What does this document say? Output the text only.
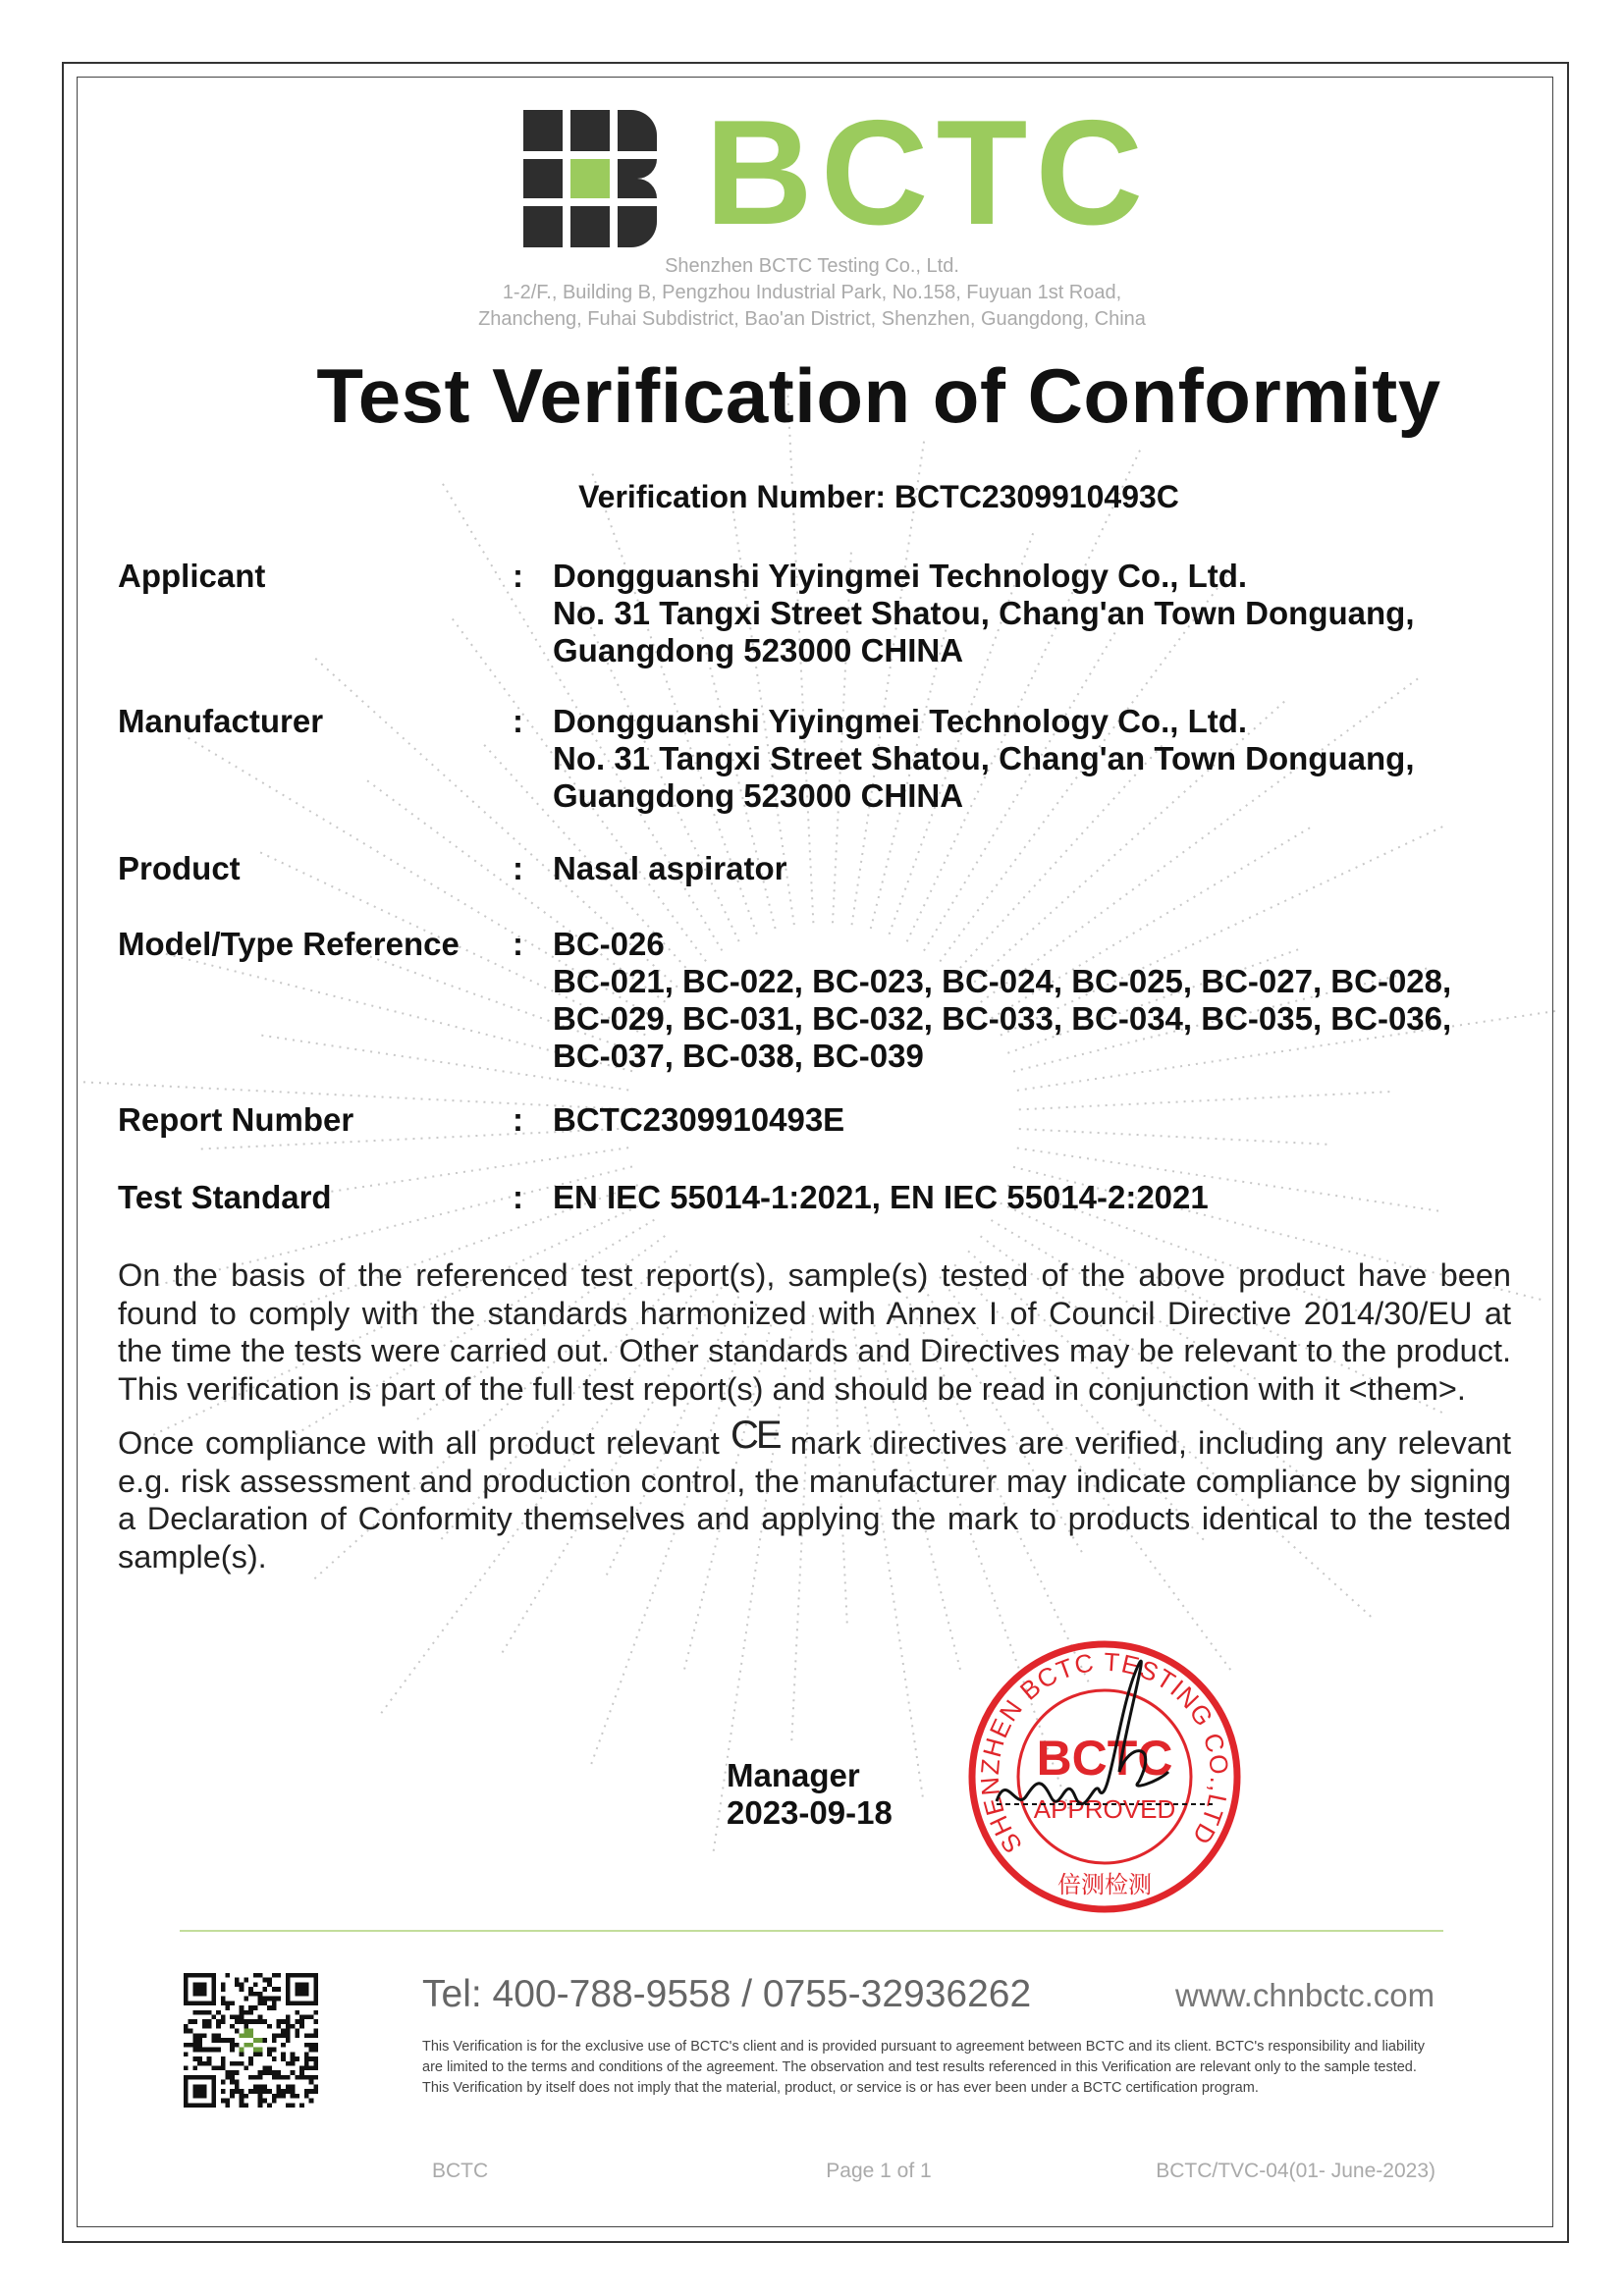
BCTC
Shenzhen BCTC Testing Co., Ltd.
1-2/F., Building B, Pengzhou Industrial Park, No.158, Fuyuan 1st Road,
Zhancheng, Fuhai Subdistrict, Bao'an District, Shenzhen, Guangdong, China
Test Verification of Conformity
Verification Number: BCTC2309910493C
Applicant	: Dongguanshi Yiyingmei Technology Co., Ltd.
No. 31 Tangxi Street Shatou, Chang'an Town Donguang,
Guangdong 523000 CHINA
Manufacturer	: Dongguanshi Yiyingmei Technology Co., Ltd.
No. 31 Tangxi Street Shatou, Chang'an Town Donguang,
Guangdong 523000 CHINA
Product	: Nasal aspirator
Model/Type Reference : BC-026
BC-021, BC-022, BC-023, BC-024, BC-025, BC-027, BC-028,
BC-029, BC-031, BC-032, BC-033, BC-034, BC-035, BC-036,
BC-037, BC-038, BC-039
Report Number	: BCTC2309910493E
Test Standard	: EN IEC 55014-1:2021, EN IEC 55014-2:2021
On the basis of the referenced test report(s), sample(s) tested of the above product have been found to comply with the standards harmonized with Annex I of Council Directive 2014/30/EU at the time the tests were carried out. Other standards and Directives may be relevant to the product. This verification is part of the full test report(s) and should be read in conjunction with it <them>.
Once compliance with all product relevant CE mark directives are verified, including any relevant e.g. risk assessment and production control, the manufacturer may indicate compliance by signing a Declaration of Conformity themselves and applying the mark to products identical to the tested sample(s).
SHENZHEN BCTC TESTING CO.,LTD
BCTC
APPROVED
倍测检测
Manager
2023-09-18
Tel: 400-788-9558 / 0755-32936262	www.chnbctc.com
This Verification is for the exclusive use of BCTC's client and is provided pursuant to agreement between BCTC and its client. BCTC's responsibility and liability are limited to the terms and conditions of the agreement. The observation and test results referenced in this Verification are relevant only to the sample tested. This Verification by itself does not imply that the material, product, or service is or has ever been under a BCTC certification program.
BCTC	Page 1 of 1	BCTC/TVC-04(01- June-2023)
